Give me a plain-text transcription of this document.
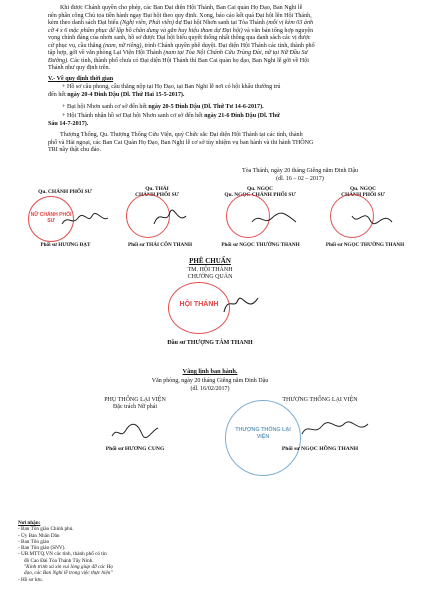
Khi được Chánh quyền cho phép, các Ban Đại diện Hội Thánh, Ban Cai quản Họ Đạo, Ban Nghi lễ
nên phân công Chủ tọa tiền hành ngay Đại hội theo quy định. Xong, báo cáo kết quả Đại hội lên Hội Thánh,
kèm theo danh sách Đại biểu (Nghị viên, Phái viên) dự Đại hội Nhơn sanh tại Tòa Thánh (mỗi vị kèm 03 ảnh
cỡ 4 x 6 mặc phẩm phục để lập hồ chân dung và gắn huy hiệu tham dự Đại hội) và văn bản tổng hợp nguyện
vọng chính đáng của nhơn sanh, hồ sơ được Đại hội biểu quyết thống nhất thông qua danh sách các vị được
cử phục vụ, cầu thăng (nam, nữ riêng), trình Chánh quyền phê duyệt. Đại diện Hội Thánh các tỉnh, thành phố
tập hợp, gởi về văn phòng Lại Viện Hội Thánh (nam tại Tòa Nội Chánh Cửu Trùng Đài, nữ tại Nữ Đầu Sư
Đường). Các tỉnh, thành phố chưa có Đại diện Hội Thánh thì Ban Cai quản họ đạo, Ban Nghi lễ gởi về Hội
Thánh như quy định trên.
V.- Về quy định thời gian
+ Hồ sơ cầu phong, cầu thăng nộp tại Họ Đạo, tại Ban Nghi lễ nơi có hội khẩu thường trú
đến hết ngày 20-4 Đinh Dậu (Dl. Thứ Hai 15-5-2017).
+ Đại hội Nhơn sanh cơ sở đến hết ngày 20-5 Đinh Dậu (Dl. Thứ Tư 14-6-2017).
+ Hội Thánh nhận hồ sơ Đại hội Nhơn sanh cơ sở đến hết ngày 21-6 Đinh Dậu (Dl. Thứ
Sáu 14-7-2017).
Thượng Thống, Qu. Thượng Thống Cửu Viện, quý Chức sắc Đại diện Hội Thánh tại các tỉnh, thành
phố và Hải ngoại, các Ban Cai Quản Họ Đạo, Ban Nghi lễ cơ sở tùy nhiệm vụ ban hành và thi hành THÔNG
TRI nầy thật chu đáo.
Tòa Thánh, ngày 20 tháng Giêng năm Đinh Dậu
(dl. 16 – 02 – 2017)
Qu. CHÁNH PHỐI SƯ	Qu. THÁI
CHÁNH PHỐI SƯ
Qu. NGỌC
Qu. NGỌC CHÁNH PHỐI SƯ
Qu. NGỌC
CHÁNH PHỐI SƯ
NỮ CHÁNH PHỐI SƯ
Phối sư HƯƠNG ĐẠT	Phối sư THÁI CÔN THANH	Phối sư NGỌC THƯỜNG THANH	Phối sư NGỌC THƯỜNG THANH
PHÊ CHUẨN
TM. HỘI THÁNH
CHƯỞNG QUẢN
HỘI THÁNH
Đầu sư THƯỢNG TÁM THANH
Vâng lịnh ban hành.
Văn phòng, ngày 20 tháng Giêng năm Đinh Dậu
(dl. 16/02/2017)
PHỤ THỐNG LẠI VIỆN
Đặc trách Nữ phái
THƯỢNG THỐNG LẠI VIỆN
THƯỢNG THỐNG LẠI VIỆN
Phối sư HƯƠNG CUNG	Phối sư NGỌC HỒNG THANH
Nơi nhận:
- Ban Tôn giáo Chính phủ.
- Ủy Ban Nhân Dân
- Ban Tôn giáo
- Ban Tôn giáo (SNV).
- UB.MTTQ.VN các tỉnh, thành phố có tín
đồ Cao Đài Tòa Thánh Tây Ninh.
"Kính trình xá xin vui lòng giúp đỡ các Họ
đạo, các Ban Nghi lễ trong việc thực hiện"
- Hồ sơ lưu.
